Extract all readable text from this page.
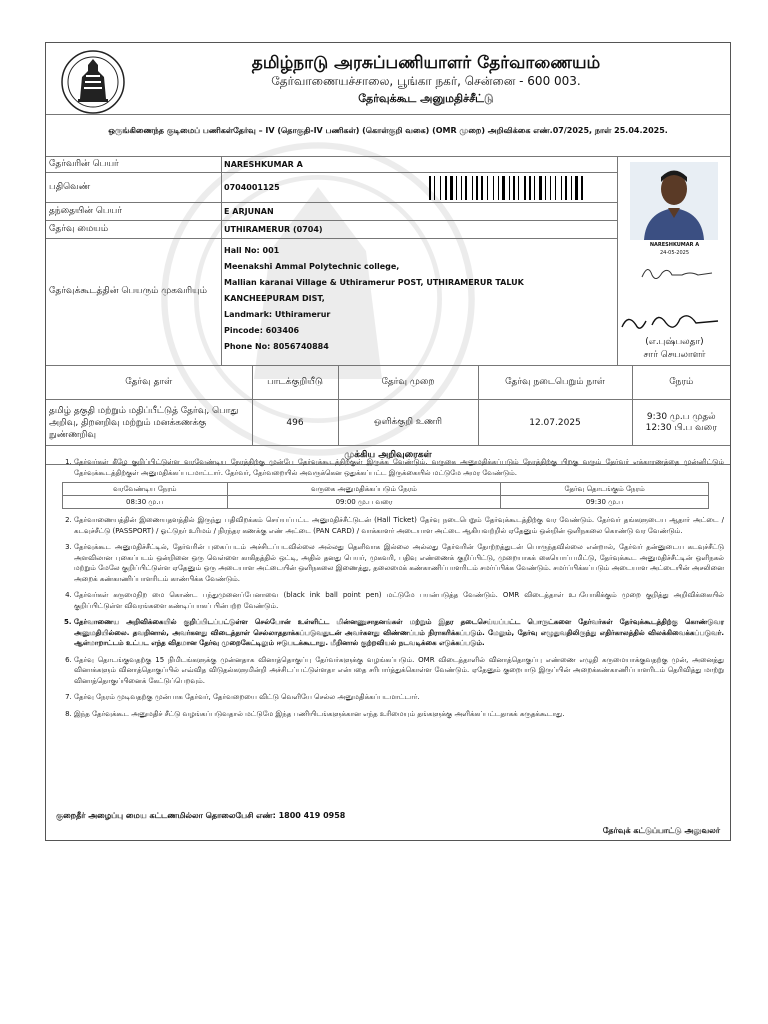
தமிழ்நாடு அரசுப்பணியாளர் தேர்வாணையம்
தேர்வாணையச்சாலை, பூங்கா நகர், சென்னை - 600 003.
தேர்வுக்கூட அனுமதிச்சீட்டு
ஒருங்கிணைந்த குடிமைப் பணிகள்தேர்வு – IV (தொகுதி-IV பணிகள்) (கொள்குறி வகை) (OMR முறை) அறிவிக்கை எண்.07/2025, நாள் 25.04.2025.
தேர்வரின் பெயர்	NARESHKUMAR A
பதிவெண்	0704001125
தந்தையின் பெயர்	E ARJUNAN
தேர்வு மையம்	UTHIRAMERUR (0704)
தேர்வுக்கூடத்தின் பெயரும் முகவரியும்
Hall No: 001
Meenakshi Ammal Polytechnic college,
Mallian karanai Village & Uthiramerur POST, UTHIRAMERUR TALUK
KANCHEEPURAM DIST,
Landmark: Uthiramerur
Pincode: 603406
Phone No: 8056740884
NARESHKUMAR A
24-05-2025
(எ.புஷ்பலதா)
சார் செயலாளர்
தேர்வு தாள்	பாடக்குறியீடு	தேர்வு முறை	தேர்வு நடைபெறும் நாள்	நேரம்
தமிழ் தகுதி மற்றும் மதிப்பீட்டுத் தேர்வு, பொது அறிவு, திறனறிவு மற்றும் மனக்கணக்கு நுண்ணறிவு	496	ஒளிக்குறி உணரி	12.07.2025	9:30 மு.ப முதல்
12:30 பி.ப வரை
முக்கிய அறிவுரைகள்
1. தேர்வர்கள் கீழே குறிப்பிட்டுள்ள வரவேண்டிய நேரத்திற்கு முன்பே தேர்வுக்கூடத்திற்குள் இருக்க வேண்டும். வருகை அனுமதிக்கப்படும் நேரத்திற்கு பிறகு வரும் தேர்வர் எக்காரணத்தை முன்னிட்டும் தேர்வுக்கூடத்திற்குள் அனுமதிக்கப்படமாட்டார். தேர்வர், தேர்வறையில் அவருக்கென ஒதுக்கப்பட்ட இருக்கையில் மட்டுமே அமர வேண்டும்.
வரவேண்டிய நேரம்	வருகை அனுமதிக்கப்படும் நேரம்	தேர்வு தொடங்கும் நேரம்
08:30 மு.ப	09:00 மு.ப வரை	09:30 மு.ப
2. தேர்வாணையத்தின் இணையதளத்தில் இருந்து பதிவிறக்கம் செய்யப்பட்ட அனுமதிச்சீட்டுடன் (Hall Ticket) தேர்வு நடைபெறும் தேர்வுக்கூடத்திற்கு வர வேண்டும். தேர்வர் தங்களுடைய ஆதார் அட்டை / கடவுச்சீட்டு (PASSPORT) / ஓட்டுநர் உரிமம் / நிரந்தர கணக்கு எண் அட்டை (PAN CARD) / வாக்காளர் அடையாள அட்டை ஆகியவற்றில் ஏதேனும் ஒன்றின் ஒளிநகலை கொண்டு வர வேண்டும்.
3. தேர்வுக்கூட அனுமதிச்சீட்டில், தேர்வரின் புகைப்படம் அச்சிடப்படவில்லை அல்லது தெளிவாக இல்லை அல்லது தேர்வரின் தோற்றத்துடன் பொருந்தவில்லை என்றால், தேர்வர் தன்னுடைய கடவுச்சீட்டு அளவிலான புகைப்படம் ஒன்றினை ஒரு வெள்ளை காகிதத்தில் ஒட்டி, அதில் தனது பெயர், முகவரி, பதிவு எண்ணைக் குறிப்பிட்டு, முறையாகக் கையொப்பமிட்டு, தேர்வுக்கூட அனுமதிச்சீட்டின் ஒளிநகல் மற்றும் மேலே குறிப்பிட்டுள்ள ஏதேனும் ஒரு அடையாள அட்டையின் ஒளிநகலை இணைத்து, தலைமைக் கண்காணிப்பாளரிடம் சமர்ப்பிக்க வேண்டும். சமர்ப்பிக்கப்படும் அடையாள அட்டையின் அசலினை அறைக் கண்காணிப்பாளரிடம் காண்பிக்க வேண்டும்.
4. தேர்வர்கள் கருமைநிற மை கொண்ட பந்துமுனைப்பேனாவை (black ink ball point pen) மட்டுமே பயன்படுத்த வேண்டும். OMR விடைத்தாள் உபயோகிக்கும் முறை குறித்து அறிவிக்கையில் குறிப்பிட்டுள்ள விவரங்களை கண்டிப்பாகப் பின்பற்ற வேண்டும்.
5. தேர்வாணைய அறிவிக்கையில் குறிப்பிடப்பட்டுள்ள செல்போன் உள்ளிட்ட மின்னணுசாதனங்கள் மற்றும் இதர தடைசெய்யப்பட்ட பொருட்களை தேர்வர்கள் தேர்வுக்கூடத்திற்கு கொண்டுவர அனுமதியில்லை. தவறினால், அவர்களது விடைத்தாள் செல்லாததாக்கப்படுவதுடன் அவர்களது விண்ணப்பம் நிராகரிக்கப்படும். மேலும், தேர்வு எழுதுவதிலிருந்து எதிர்காலத்தில் விலக்கிவைக்கப்படுவர். ஆள்மாறாட்டம் உட்பட எந்த விதமான தேர்வு முறைகேட்டிலும் ஈடுபடக்கூடாது. மீறினால் குற்றவியல் நடவடிக்கை எடுக்கப்படும்.
6. தேர்வு தொடங்குவதற்கு 15 நிமிடங்களுக்கு முன்னதாக வினாத்தொகுப்பு தேர்வர்களுக்கு வழங்கப்படும். OMR விடைத்தாளில் வினாத்தொகுப்பு எண்ணை எழுதி கருமையாக்குவதற்கு முன், அனைத்து வினாக்களும் வினாத்தொகுப்பில் எவ்வித விடுதல்களுமின்றி அச்சிடப்பட்டுள்ளதா என்பதை சரிபார்த்துக்கொள்ள வேண்டும். ஏதேனும் குறைபாடு இருப்பின் அறைக்கண்காணிப்பாளரிடம் தெரிவித்து மாற்று வினாத்தொகுப்பினைக் கேட்டுப்பெறவும்.
7. தேர்வு நேரம் முடிவதற்கு முன்பாக தேர்வர், தேர்வறையை விட்டு வெளியே செல்ல அனுமதிக்கப்படமாட்டார்.
8. இந்த தேர்வுக்கூட அனுமதிச் சீட்டு வழங்கப்படுவதால் மட்டுமே இந்த பணியிடங்களுக்கான எந்த உரிமையும் தங்களுக்கு அளிக்கப்பட்டதாகக் கருதக்கூடாது.
குறைதீர் அழைப்பு மைய கட்டணமில்லா தொலைபேசி எண்: 1800 419 0958
தேர்வுக் கட்டுப்பாட்டு அலுவலர்
